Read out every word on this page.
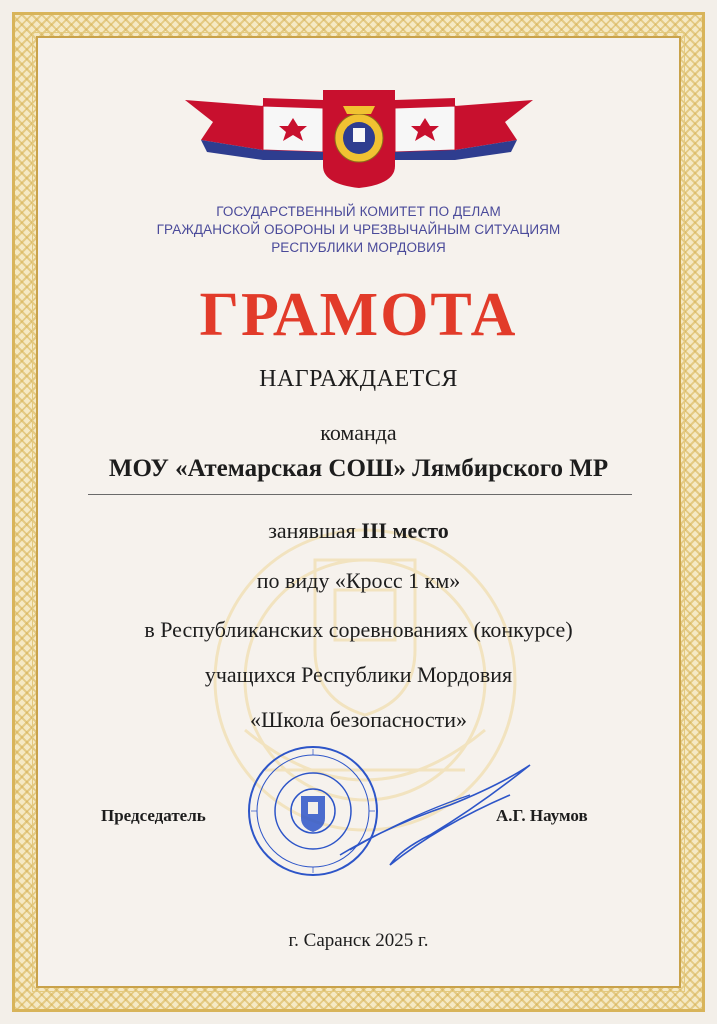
ГОСУДАРСТВЕННЫЙ КОМИТЕТ ПО ДЕЛАМ
ГРАЖДАНСКОЙ ОБОРОНЫ И ЧРЕЗВЫЧАЙНЫМ СИТУАЦИЯМ
РЕСПУБЛИКИ МОРДОВИЯ
ГРАМОТА
НАГРАЖДАЕТСЯ
команда
МОУ «Атемарская СОШ» Лямбирского МР
занявшая III место
по виду «Кросс 1 км»
в Республиканских соревнованиях (конкурсе)
учащихся Республики Мордовия
«Школа безопасности»
Председатель	А.Г. Наумов
г. Саранск 2025 г.
